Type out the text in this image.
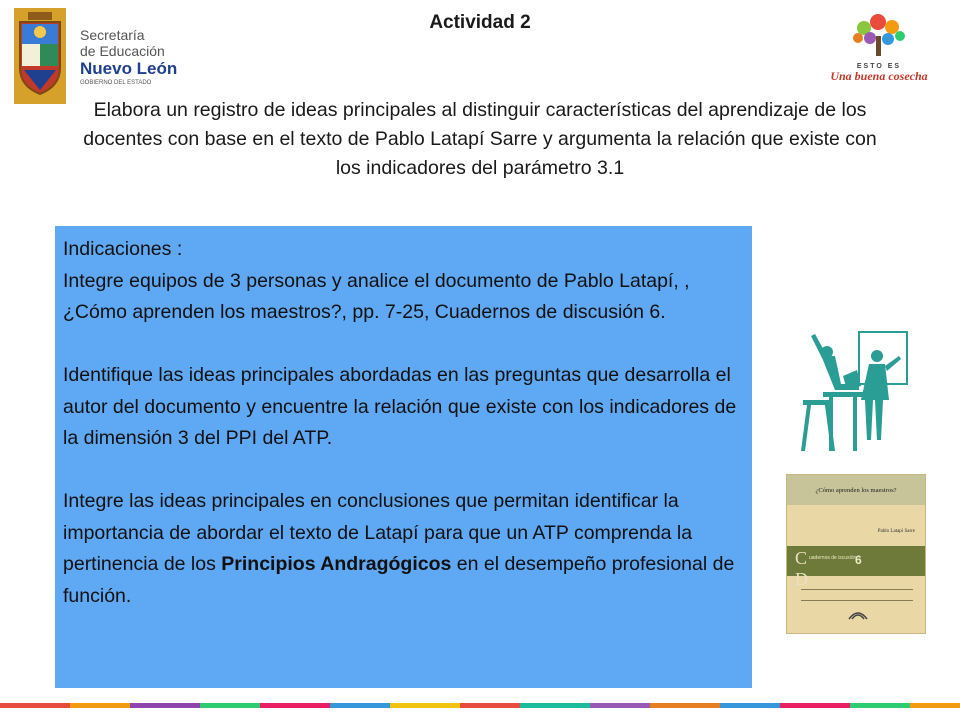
Secretaría
de Educación
Nuevo León
GOBIERNO DEL ESTADO
Actividad 2
ESTO ES
Una buena cosecha
Elabora un registro de ideas principales al distinguir características del aprendizaje de los docentes con base en el texto de Pablo Latapí Sarre y argumenta la relación que existe con los indicadores del parámetro 3.1

Indicaciones :

Integre equipos de 3 personas y analice el documento de Pablo Latapí, , ¿Cómo aprenden los maestros?, pp. 7-25, Cuadernos de discusión 6.

Identifique las ideas principales abordadas en las preguntas que desarrolla el autor del documento y encuentre la relación que existe con los indicadores de la dimensión 3 del PPI del ATP.

Integre las ideas principales en conclusiones que permitan identificar la importancia de abordar el texto de Latapí para que un ATP comprenda la pertinencia de los Principios Andragógicos en el desempeño profesional de función.

¿Cómo aprenden los maestros?
Pablo Latapí Sarre
C
D
uadernos de iscusión
6
